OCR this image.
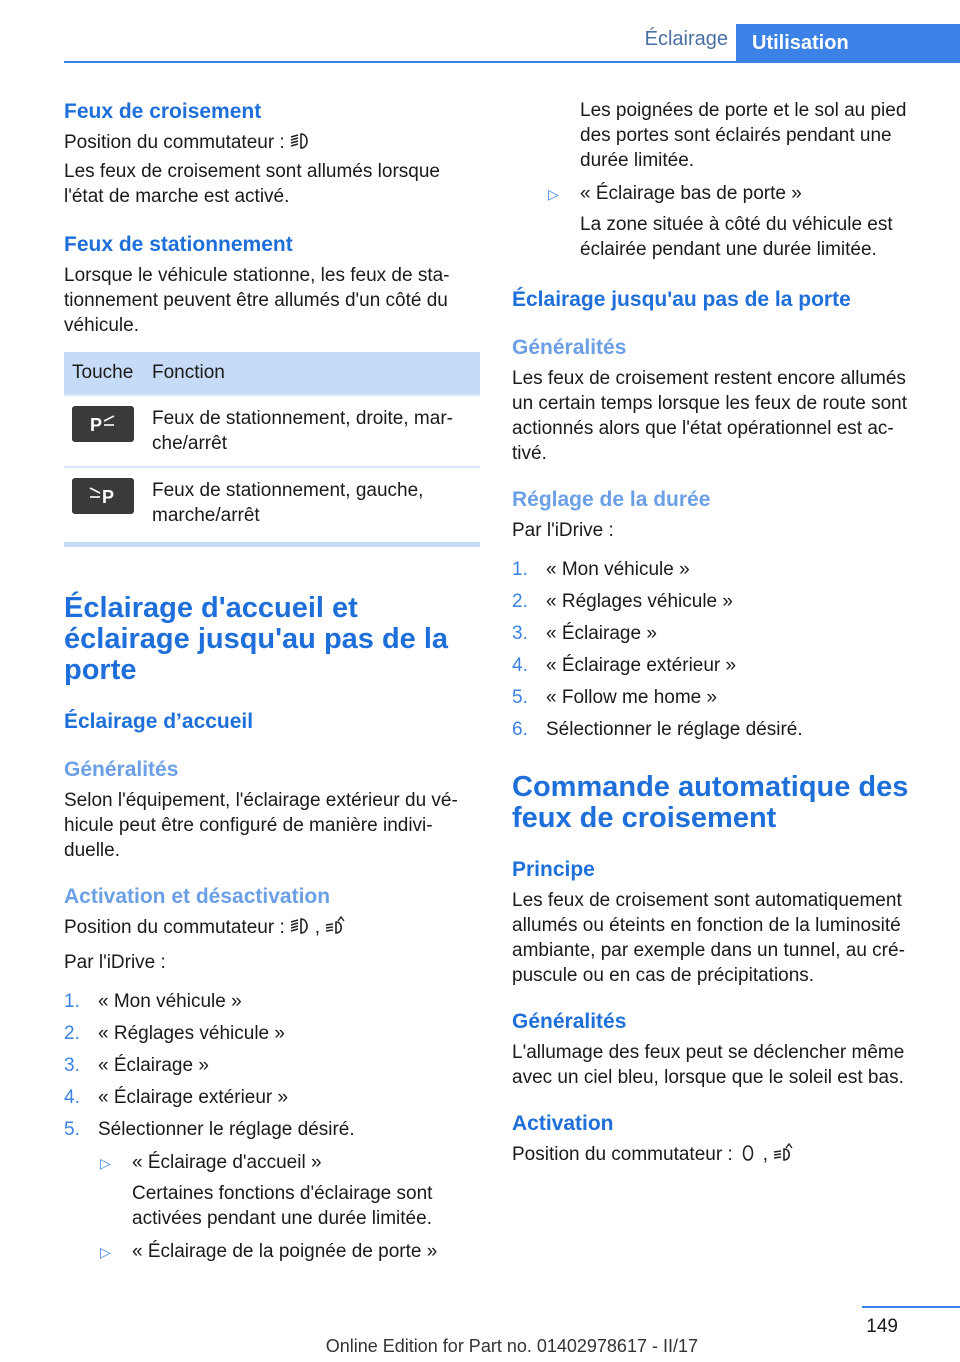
Éclairage	Utilisation
Feux de croisement

Position du commutateur :

Les feux de croisement sont allumés lorsque l'état de marche est activé.

Feux de stationnement

Lorsque le véhicule stationne, les feux de sta-tionnement peuvent être allumés d'un côté du véhicule.

Touche	Fonction

P	Feux de stationnement, droite, mar-che/arrêt

P	Feux de stationnement, gauche, marche/arrêt
Éclairage d'accueil et éclairage jusqu'au pas de la porte
Éclairage d’accueil
Généralités

Selon l'équipement, l'éclairage extérieur du vé-hicule peut être configuré de manière indivi-duelle.

Activation et désactivation

Position du commutateur : ,

Par l'iDrive :

1. « Mon véhicule »
2. « Réglages véhicule »
3. « Éclairage »
4. « Éclairage extérieur »
5. Sélectionner le réglage désiré.
▷ « Éclairage d'accueil »
Certaines fonctions d'éclairage sont activées pendant une durée limitée.
▷ « Éclairage de la poignée de porte »

Les poignées de porte et le sol au pied des portes sont éclairés pendant une durée limitée.

▷ « Éclairage bas de porte »
La zone située à côté du véhicule est éclairée pendant une durée limitée.
Éclairage jusqu'au pas de la porte
Généralités

Les feux de croisement restent encore allumés un certain temps lorsque les feux de route sont actionnés alors que l'état opérationnel est ac-tivé.

Réglage de la durée

Par l'iDrive :

1. « Mon véhicule »
2. « Réglages véhicule »
3. « Éclairage »
4. « Éclairage extérieur »
5. « Follow me home »
6. Sélectionner le réglage désiré.
Commande automatique des feux de croisement
Principe

Les feux de croisement sont automatiquement allumés ou éteints en fonction de la luminosité ambiante, par exemple dans un tunnel, au cré-puscule ou en cas de précipitations.

Généralités

L'allumage des feux peut se déclencher même avec un ciel bleu, lorsque que le soleil est bas.

Activation

Position du commutateur : ,

149
Online Edition for Part no. 01402978617 - II/17
